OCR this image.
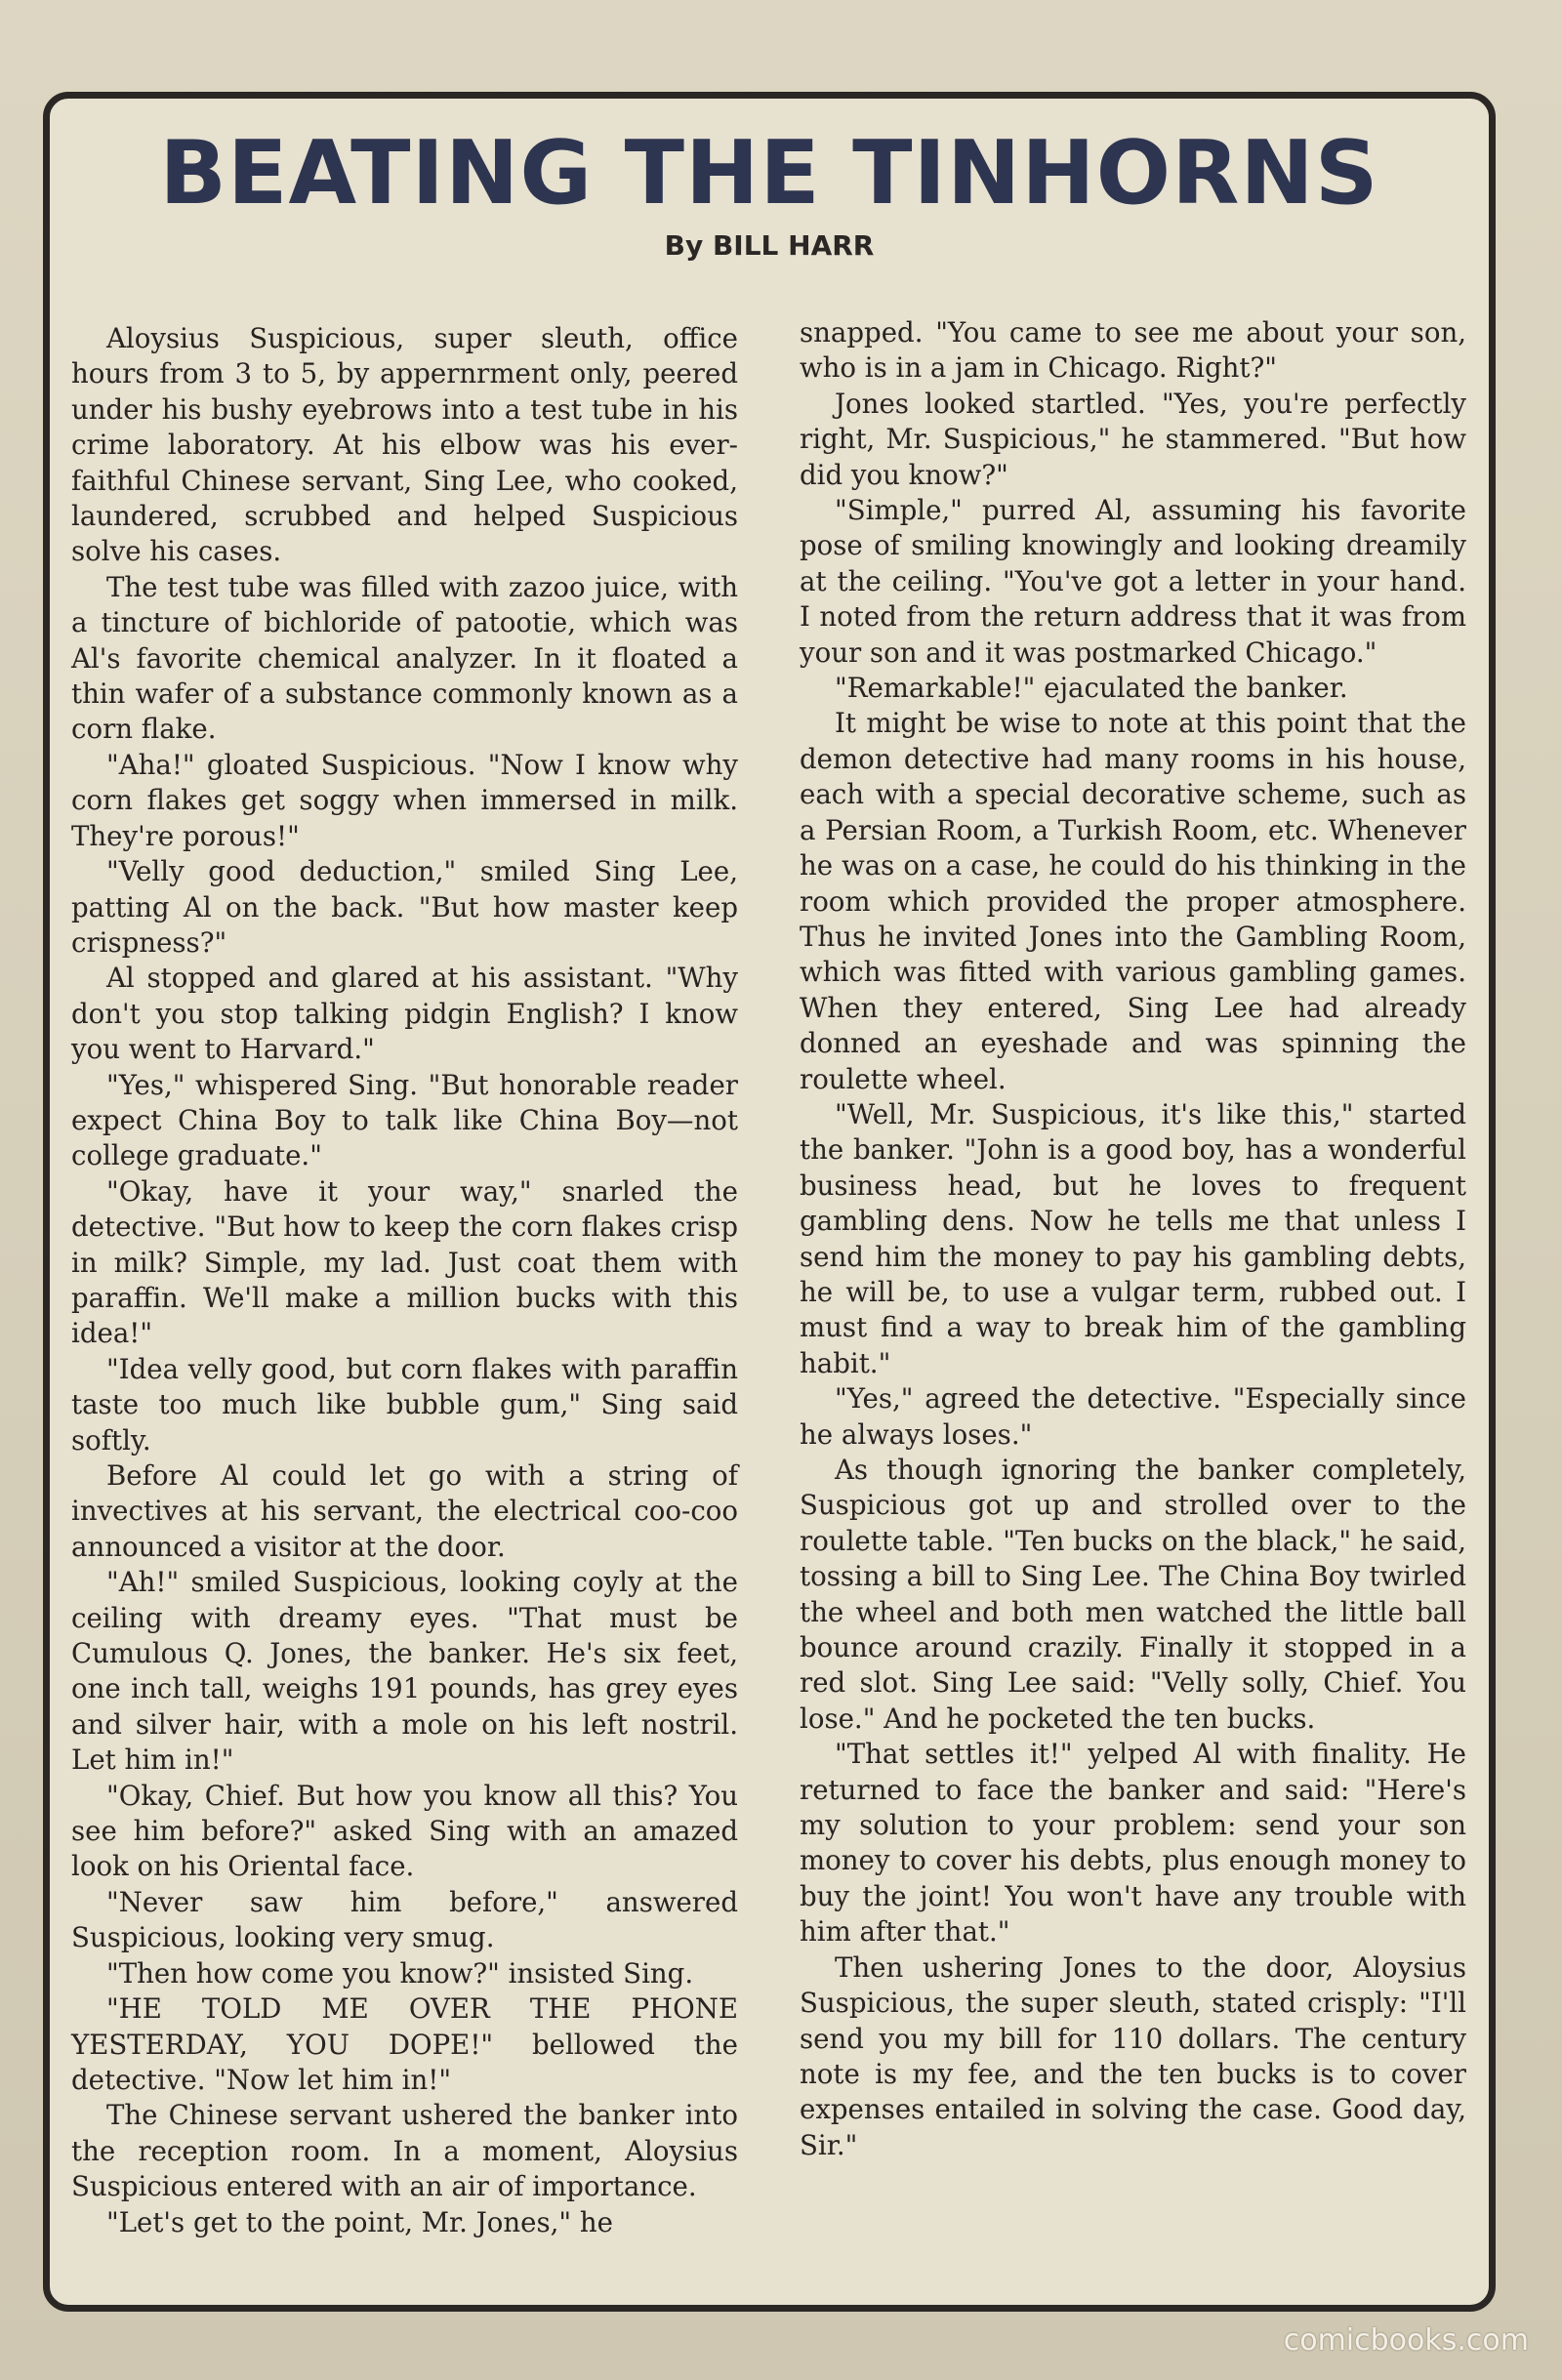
BEATING THE TINHORNS
By BILL HARR

Aloysius Suspicious, super sleuth, office hours from 3 to 5, by appernrment only, peered under his bushy eyebrows into a test tube in his crime laboratory. At his elbow was his ever-faithful Chinese servant, Sing Lee, who cooked, laundered, scrubbed and helped Suspicious solve his cases.

The test tube was filled with zazoo juice, with a tincture of bichloride of patootie, which was Al's favorite chemical analyzer. In it floated a thin wafer of a substance commonly known as a corn flake.

"Aha!" gloated Suspicious. "Now I know why corn flakes get soggy when immersed in milk. They're porous!"

"Velly good deduction," smiled Sing Lee, patting Al on the back. "But how master keep crispness?"

Al stopped and glared at his assistant. "Why don't you stop talking pidgin English? I know you went to Harvard."

"Yes," whispered Sing. "But honorable reader expect China Boy to talk like China Boy—not college graduate."

"Okay, have it your way," snarled the detective. "But how to keep the corn flakes crisp in milk? Simple, my lad. Just coat them with paraffin. We'll make a million bucks with this idea!"

"Idea velly good, but corn flakes with paraffin taste too much like bubble gum," Sing said softly.

Before Al could let go with a string of invectives at his servant, the electrical coo-coo announced a visitor at the door.

"Ah!" smiled Suspicious, looking coyly at the ceiling with dreamy eyes. "That must be Cumulous Q. Jones, the banker. He's six feet, one inch tall, weighs 191 pounds, has grey eyes and silver hair, with a mole on his left nostril. Let him in!"

"Okay, Chief. But how you know all this? You see him before?" asked Sing with an amazed look on his Oriental face.

"Never saw him before," answered Suspicious, looking very smug.

"Then how come you know?" insisted Sing.

"HE TOLD ME OVER THE PHONE YESTERDAY, YOU DOPE!" bellowed the detective. "Now let him in!"

The Chinese servant ushered the banker into the reception room. In a moment, Aloysius Suspicious entered with an air of importance.

"Let's get to the point, Mr. Jones," he

snapped. "You came to see me about your son, who is in a jam in Chicago. Right?"

Jones looked startled. "Yes, you're perfectly right, Mr. Suspicious," he stammered. "But how did you know?"

"Simple," purred Al, assuming his favorite pose of smiling knowingly and looking dreamily at the ceiling. "You've got a letter in your hand. I noted from the return address that it was from your son and it was postmarked Chicago."

"Remarkable!" ejaculated the banker.

It might be wise to note at this point that the demon detective had many rooms in his house, each with a special decorative scheme, such as a Persian Room, a Turkish Room, etc. Whenever he was on a case, he could do his thinking in the room which provided the proper atmosphere. Thus he invited Jones into the Gambling Room, which was fitted with various gambling games. When they entered, Sing Lee had already donned an eyeshade and was spinning the roulette wheel.

"Well, Mr. Suspicious, it's like this," started the banker. "John is a good boy, has a wonderful business head, but he loves to frequent gambling dens. Now he tells me that unless I send him the money to pay his gambling debts, he will be, to use a vulgar term, rubbed out. I must find a way to break him of the gambling habit."

"Yes," agreed the detective. "Especially since he always loses."

As though ignoring the banker completely, Suspicious got up and strolled over to the roulette table. "Ten bucks on the black," he said, tossing a bill to Sing Lee. The China Boy twirled the wheel and both men watched the little ball bounce around crazily. Finally it stopped in a red slot. Sing Lee said: "Velly solly, Chief. You lose." And he pocketed the ten bucks.

"That settles it!" yelped Al with finality. He returned to face the banker and said: "Here's my solution to your problem: send your son money to cover his debts, plus enough money to buy the joint! You won't have any trouble with him after that."

Then ushering Jones to the door, Aloysius Suspicious, the super sleuth, stated crisply: "I'll send you my bill for 110 dollars. The century note is my fee, and the ten bucks is to cover expenses entailed in solving the case. Good day, Sir."

comicbooks.com
